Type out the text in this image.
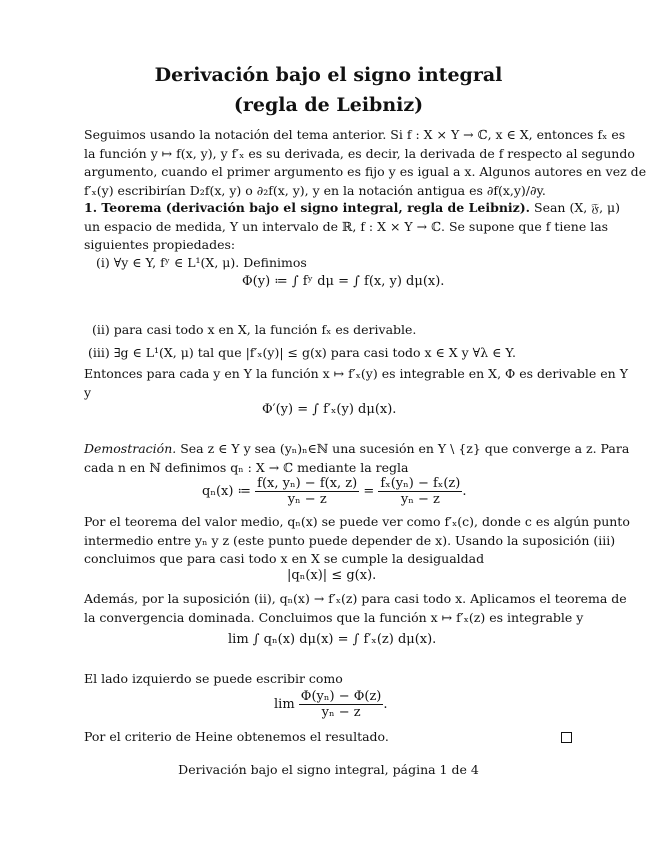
Derivación bajo el signo integral
(regla de Leibniz)
Seguimos usando la notación del tema anterior. Si f : X × Y → ℂ, x ∈ X, entonces fₓ es la función y ↦ f(x, y), y f′ₓ es su derivada, es decir, la derivada de f respecto al segundo argumento, cuando el primer argumento es fijo y es igual a x. Algunos autores en vez de f′ₓ(y) escribirían D₂f(x, y) o ∂₂f(x, y), y en la notación antigua es ∂f(x,y)/∂y.
1. Teorema (derivación bajo el signo integral, regla de Leibniz). Sean (X, 𝔉, μ) un espacio de medida, Y un intervalo de ℝ, f : X × Y → ℂ. Se supone que f tiene las siguientes propiedades:
(i) ∀y ∈ Y, fʸ ∈ L¹(X, μ). Definimos
Φ(y) ≔ ∫ fʸ dμ = ∫ f(x, y) dμ(x).
(ii) para casi todo x en X, la función fₓ es derivable.
(iii) ∃g ∈ L¹(X, μ) tal que |f′ₓ(y)| ≤ g(x) para casi todo x ∈ X y ∀λ ∈ Y.
Entonces para cada y en Y la función x ↦ f′ₓ(y) es integrable en X, Φ es derivable en Y y
Φ′(y) = ∫ f′ₓ(y) dμ(x).
Demostración. Sea z ∈ Y y sea (yₙ)ₙ∈ℕ una sucesión en Y \ {z} que converge a z. Para cada n en ℕ definimos qₙ : X → ℂ mediante la regla
qₙ(x) ≔ $\frac{\text{f(x, yₙ) − f(x, z)}}{\text{yₙ − z}} = \frac{\text{fₓ(yₙ) − fₓ(z)}}{\text{yₙ − z}}$ .
Por el teorema del valor medio, qₙ(x) se puede ver como f′ₓ(c), donde c es algún punto intermedio entre yₙ y z (este punto puede depender de x). Usando la suposición (iii) concluimos que para casi todo x en X se cumple la desigualdad
|qₙ(x)| ≤ g(x).
Además, por la suposición (ii), qₙ(x) → f′ₓ(z) para casi todo x. Aplicamos el teorema de la convergencia dominada. Concluimos que la función x ↦ f′ₓ(z) es integrable y
lim ∫ qₙ(x) dμ(x) = ∫ f′ₓ(z) dμ(x).
El lado izquierdo se puede escribir como
$\lim \frac{\text{Φ(yₙ) − Φ(z)}}{\text{yₙ − z}}$ .
Por el criterio de Heine obtenemos el resultado.
Derivación bajo el signo integral, página 1 de 4
